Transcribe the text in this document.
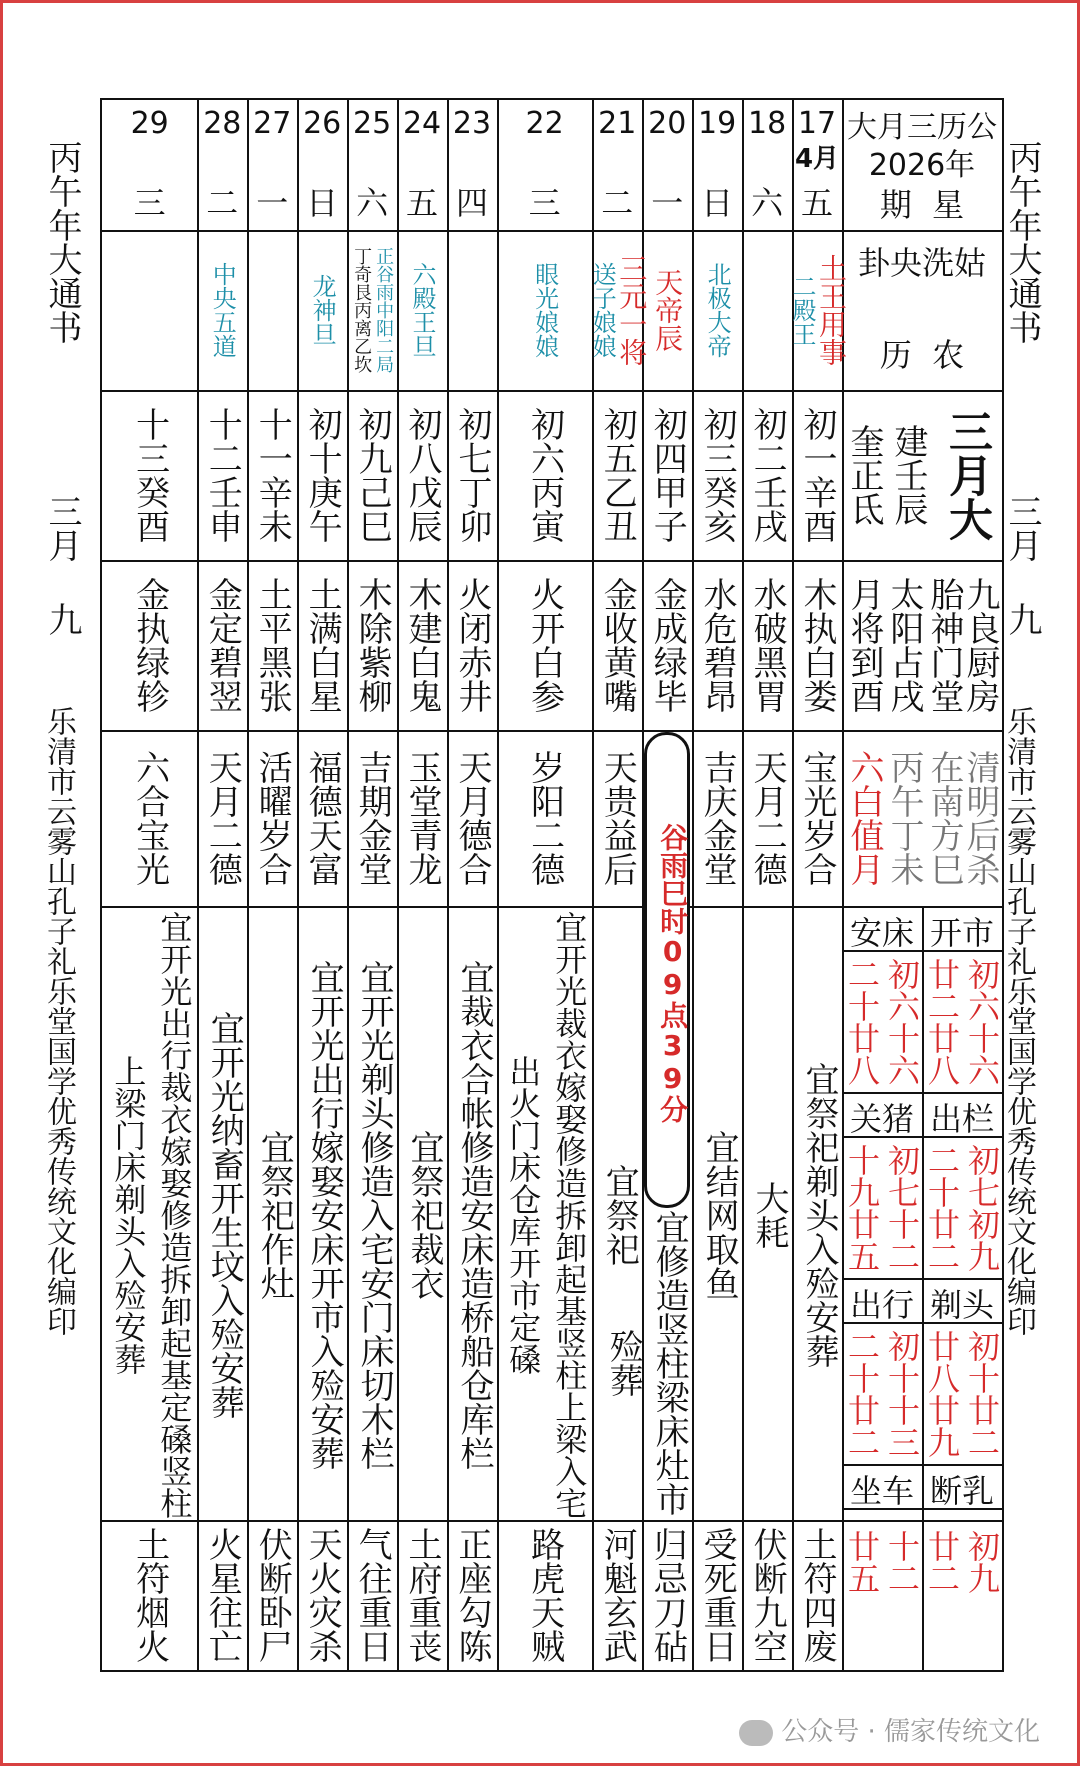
丙午年大通书
三月
九
乐清市云雾山孔子礼乐堂国学优秀传统文化编印
丙午年大通书
三月
九
乐清市云雾山孔子礼乐堂国学优秀传统文化编印
17
4月
五
土王用事
二殿王
初一辛酉
木执白娄
宝光岁合
宜祭祀剃头入殓安葬
土符四废
18
六
初二壬戌
水破黑胃
天月二德
大耗
伏断九空
19
日
北极大帝
初三癸亥
水危碧昂
吉庆金堂
宜结网取鱼
受死重日
20
一
天帝辰
初四甲子
金成绿毕
谷雨巳时09点39分
宜修造竖柱梁床灶市殓葬
归忌刀砧
21
二
三元一将
送子娘娘
初五乙丑
金收黄嘴
天贵益后
宜祭祀
河魁玄武
22
三
眼光娘娘
初六丙寅
火开白参
岁阳二德
宜开光裁衣嫁娶修造拆卸起基竖柱上梁入宅出火门床仓库开市定磉
路虎天贼
23
四
初七丁卯
火闭赤井
天月德合
宜裁衣合帐修造安床造桥船仓库栏
正座勾陈
24
五
六殿王旦
初八戊辰
木建白鬼
玉堂青龙
宜祭祀裁衣
土府重丧
25
六
正谷雨中阳二局
丁奇艮丙离乙坎
初九己巳
木除紫柳
吉期金堂
宜开光剃头修造入宅安门床切木栏
气往重日
26
日
龙神旦
初十庚午
土满白星
福德天富
宜开光出行嫁娶安床开市入殓安葬
天火灾杀
27
一
十一辛未
土平黑张
活曜岁合
宜祭祀作灶
伏断卧尸
28
二
中央五道
十二壬申
金定碧翌
天月二德
宜开光纳畜开生坟入殓安葬
火星往亡
29
三
十三癸酉
金执绿轸
六合宝光
宜开光出行裁衣嫁娶修造拆卸起基定磉竖柱上梁门床剃头入殓安葬
土符烟火
大月三历公
2026年
期  星
卦央洗姑
历  农
三月大
建壬辰
奎正氐
九良厨房
胎神门堂
太阳占戌
月将到酉
清明后杀
在南方巳
丙午丁未
六白值月
开市
安床
初六十六
廿二廿八
初六十六
二十廿八
出栏
关猪
初七初九
二十廿二
初七十二
十九廿五
剃头
出行
初十廿二
廿八廿九
初十十三
二十廿二
断乳
坐车
初九
廿二
十二
廿五
公众号 · 儒家传统文化
